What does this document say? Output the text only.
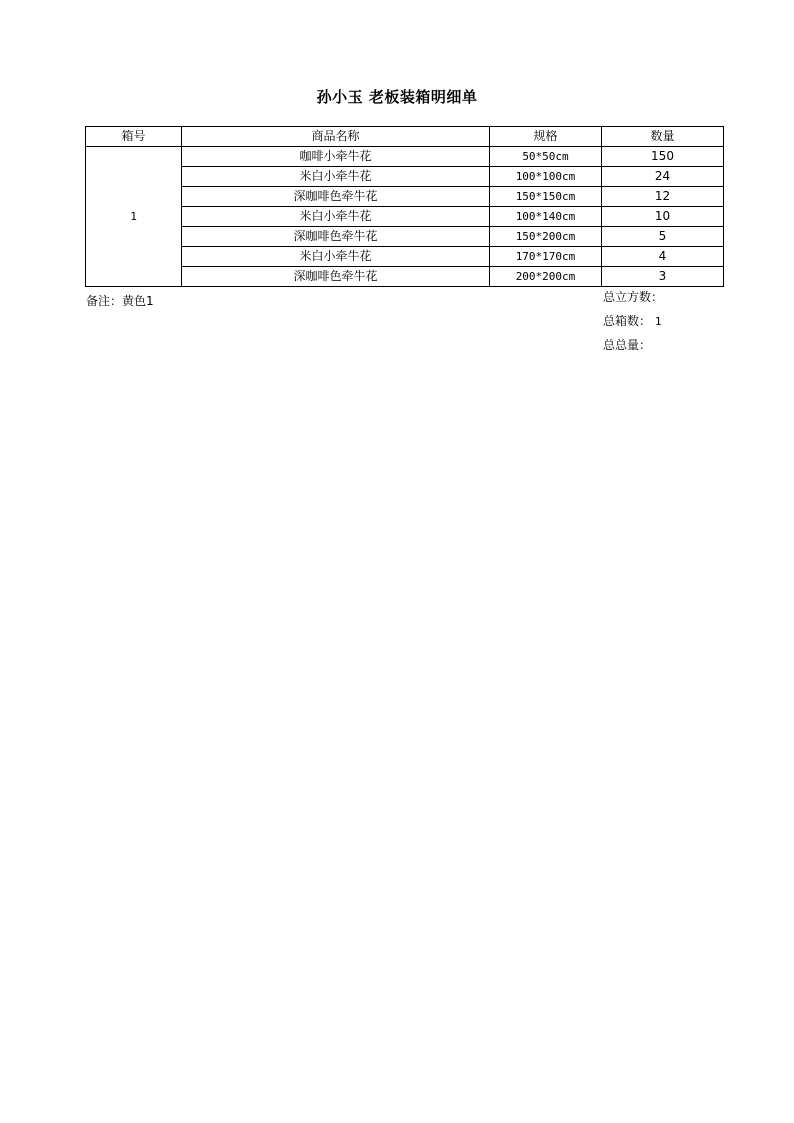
孙小玉 老板装箱明细单
箱号	商品名称	规格	数量
1	咖啡小牵牛花	50*50cm	150
	米白小牵牛花	100*100cm	24
	深咖啡色牵牛花	150*150cm	12
	米白小牵牛花	100*140cm	10
	深咖啡色牵牛花	150*200cm	5
	米白小牵牛花	170*170cm	4
	深咖啡色牵牛花	200*200cm	3
备注：黄色1	总立方数：
总箱数： 1
总总量：
